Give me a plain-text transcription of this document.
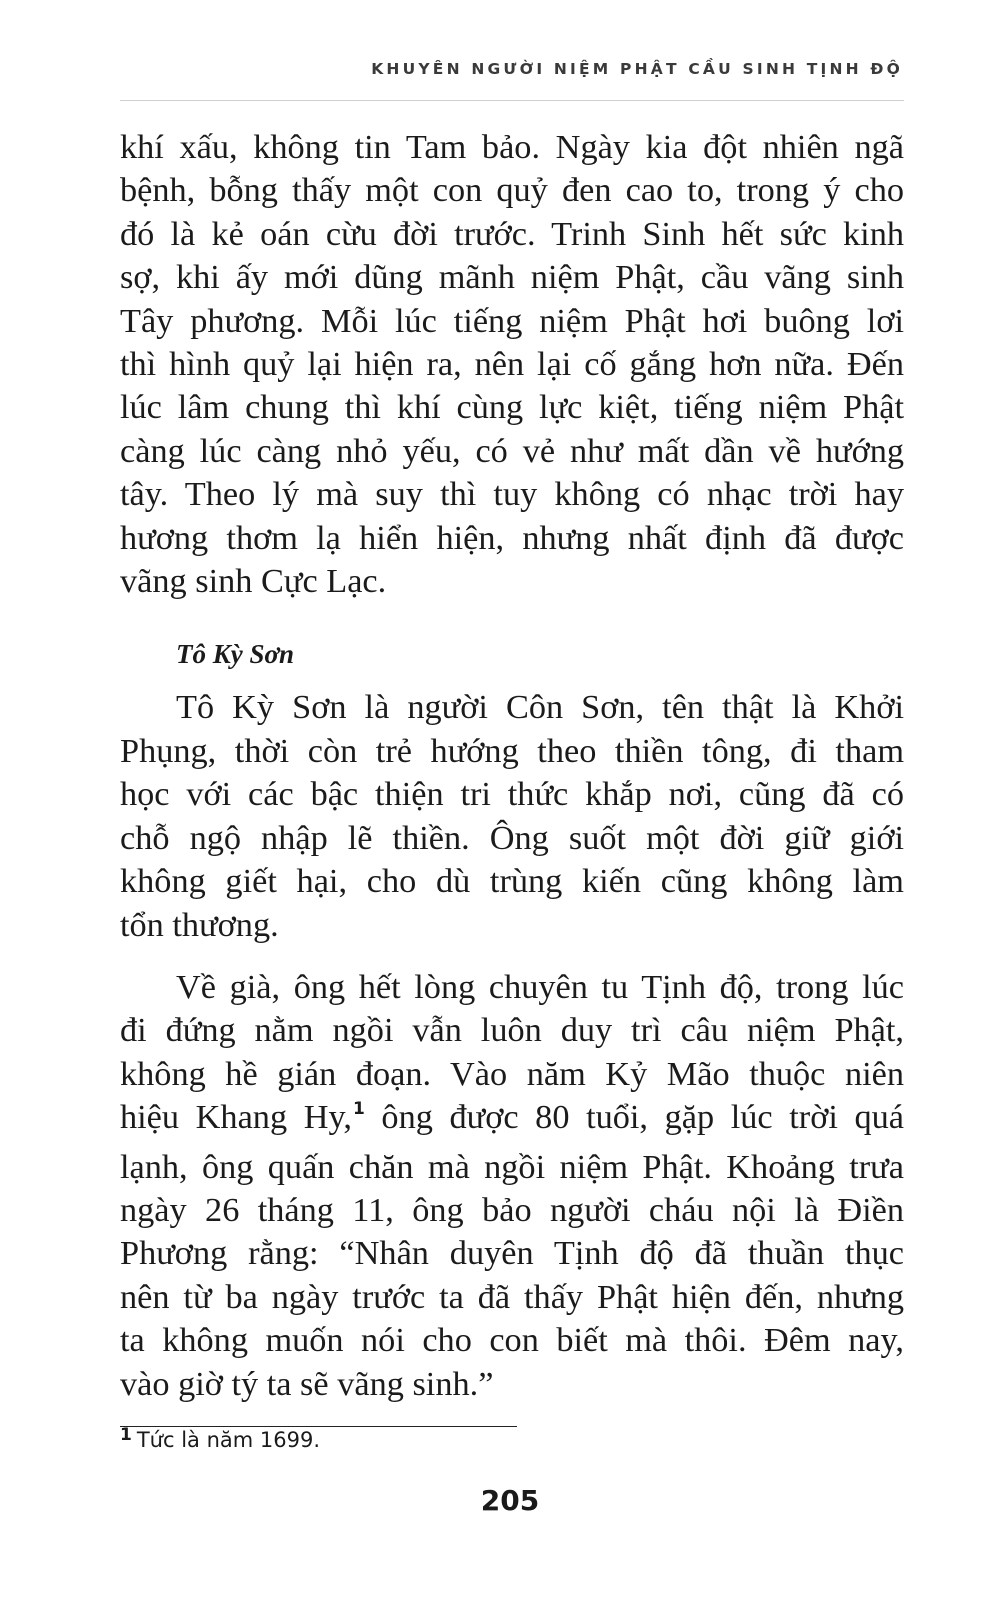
KHUYÊN NGƯỜI NIỆM PHẬT CẦU SINH TỊNH ĐỘ
khí xấu, không tin Tam bảo. Ngày kia đột nhiên ngã
bệnh, bỗng thấy một con quỷ đen cao to, trong ý cho
đó là kẻ oán cừu đời trước. Trinh Sinh hết sức kinh
sợ, khi ấy mới dũng mãnh niệm Phật, cầu vãng sinh
Tây phương. Mỗi lúc tiếng niệm Phật hơi buông lơi
thì hình quỷ lại hiện ra, nên lại cố gắng hơn nữa. Đến
lúc lâm chung thì khí cùng lực kiệt, tiếng niệm Phật
càng lúc càng nhỏ yếu, có vẻ như mất dần về hướng
tây. Theo lý mà suy thì tuy không có nhạc trời hay
hương thơm lạ hiển hiện, nhưng nhất định đã được
vãng sinh Cực Lạc.
Tô Kỳ Sơn
Tô Kỳ Sơn là người Côn Sơn, tên thật là Khởi
Phụng, thời còn trẻ hướng theo thiền tông, đi tham
học với các bậc thiện tri thức khắp nơi, cũng đã có
chỗ ngộ nhập lẽ thiền. Ông suốt một đời giữ giới
không giết hại, cho dù trùng kiến cũng không làm
tổn thương.
Về già, ông hết lòng chuyên tu Tịnh độ, trong lúc
đi đứng nằm ngồi vẫn luôn duy trì câu niệm Phật,
không hề gián đoạn. Vào năm Kỷ Mão thuộc niên
hiệu Khang Hy,$^1$ ông được 80 tuổi, gặp lúc trời quá
lạnh, ông quấn chăn mà ngồi niệm Phật. Khoảng trưa
ngày 26 tháng 11, ông bảo người cháu nội là Điền
Phương rằng: “Nhân duyên Tịnh độ đã thuần thục
nên từ ba ngày trước ta đã thấy Phật hiện đến, nhưng
ta không muốn nói cho con biết mà thôi. Đêm nay,
vào giờ tý ta sẽ vãng sinh.”
$^1$ Tức là năm 1699.
205
